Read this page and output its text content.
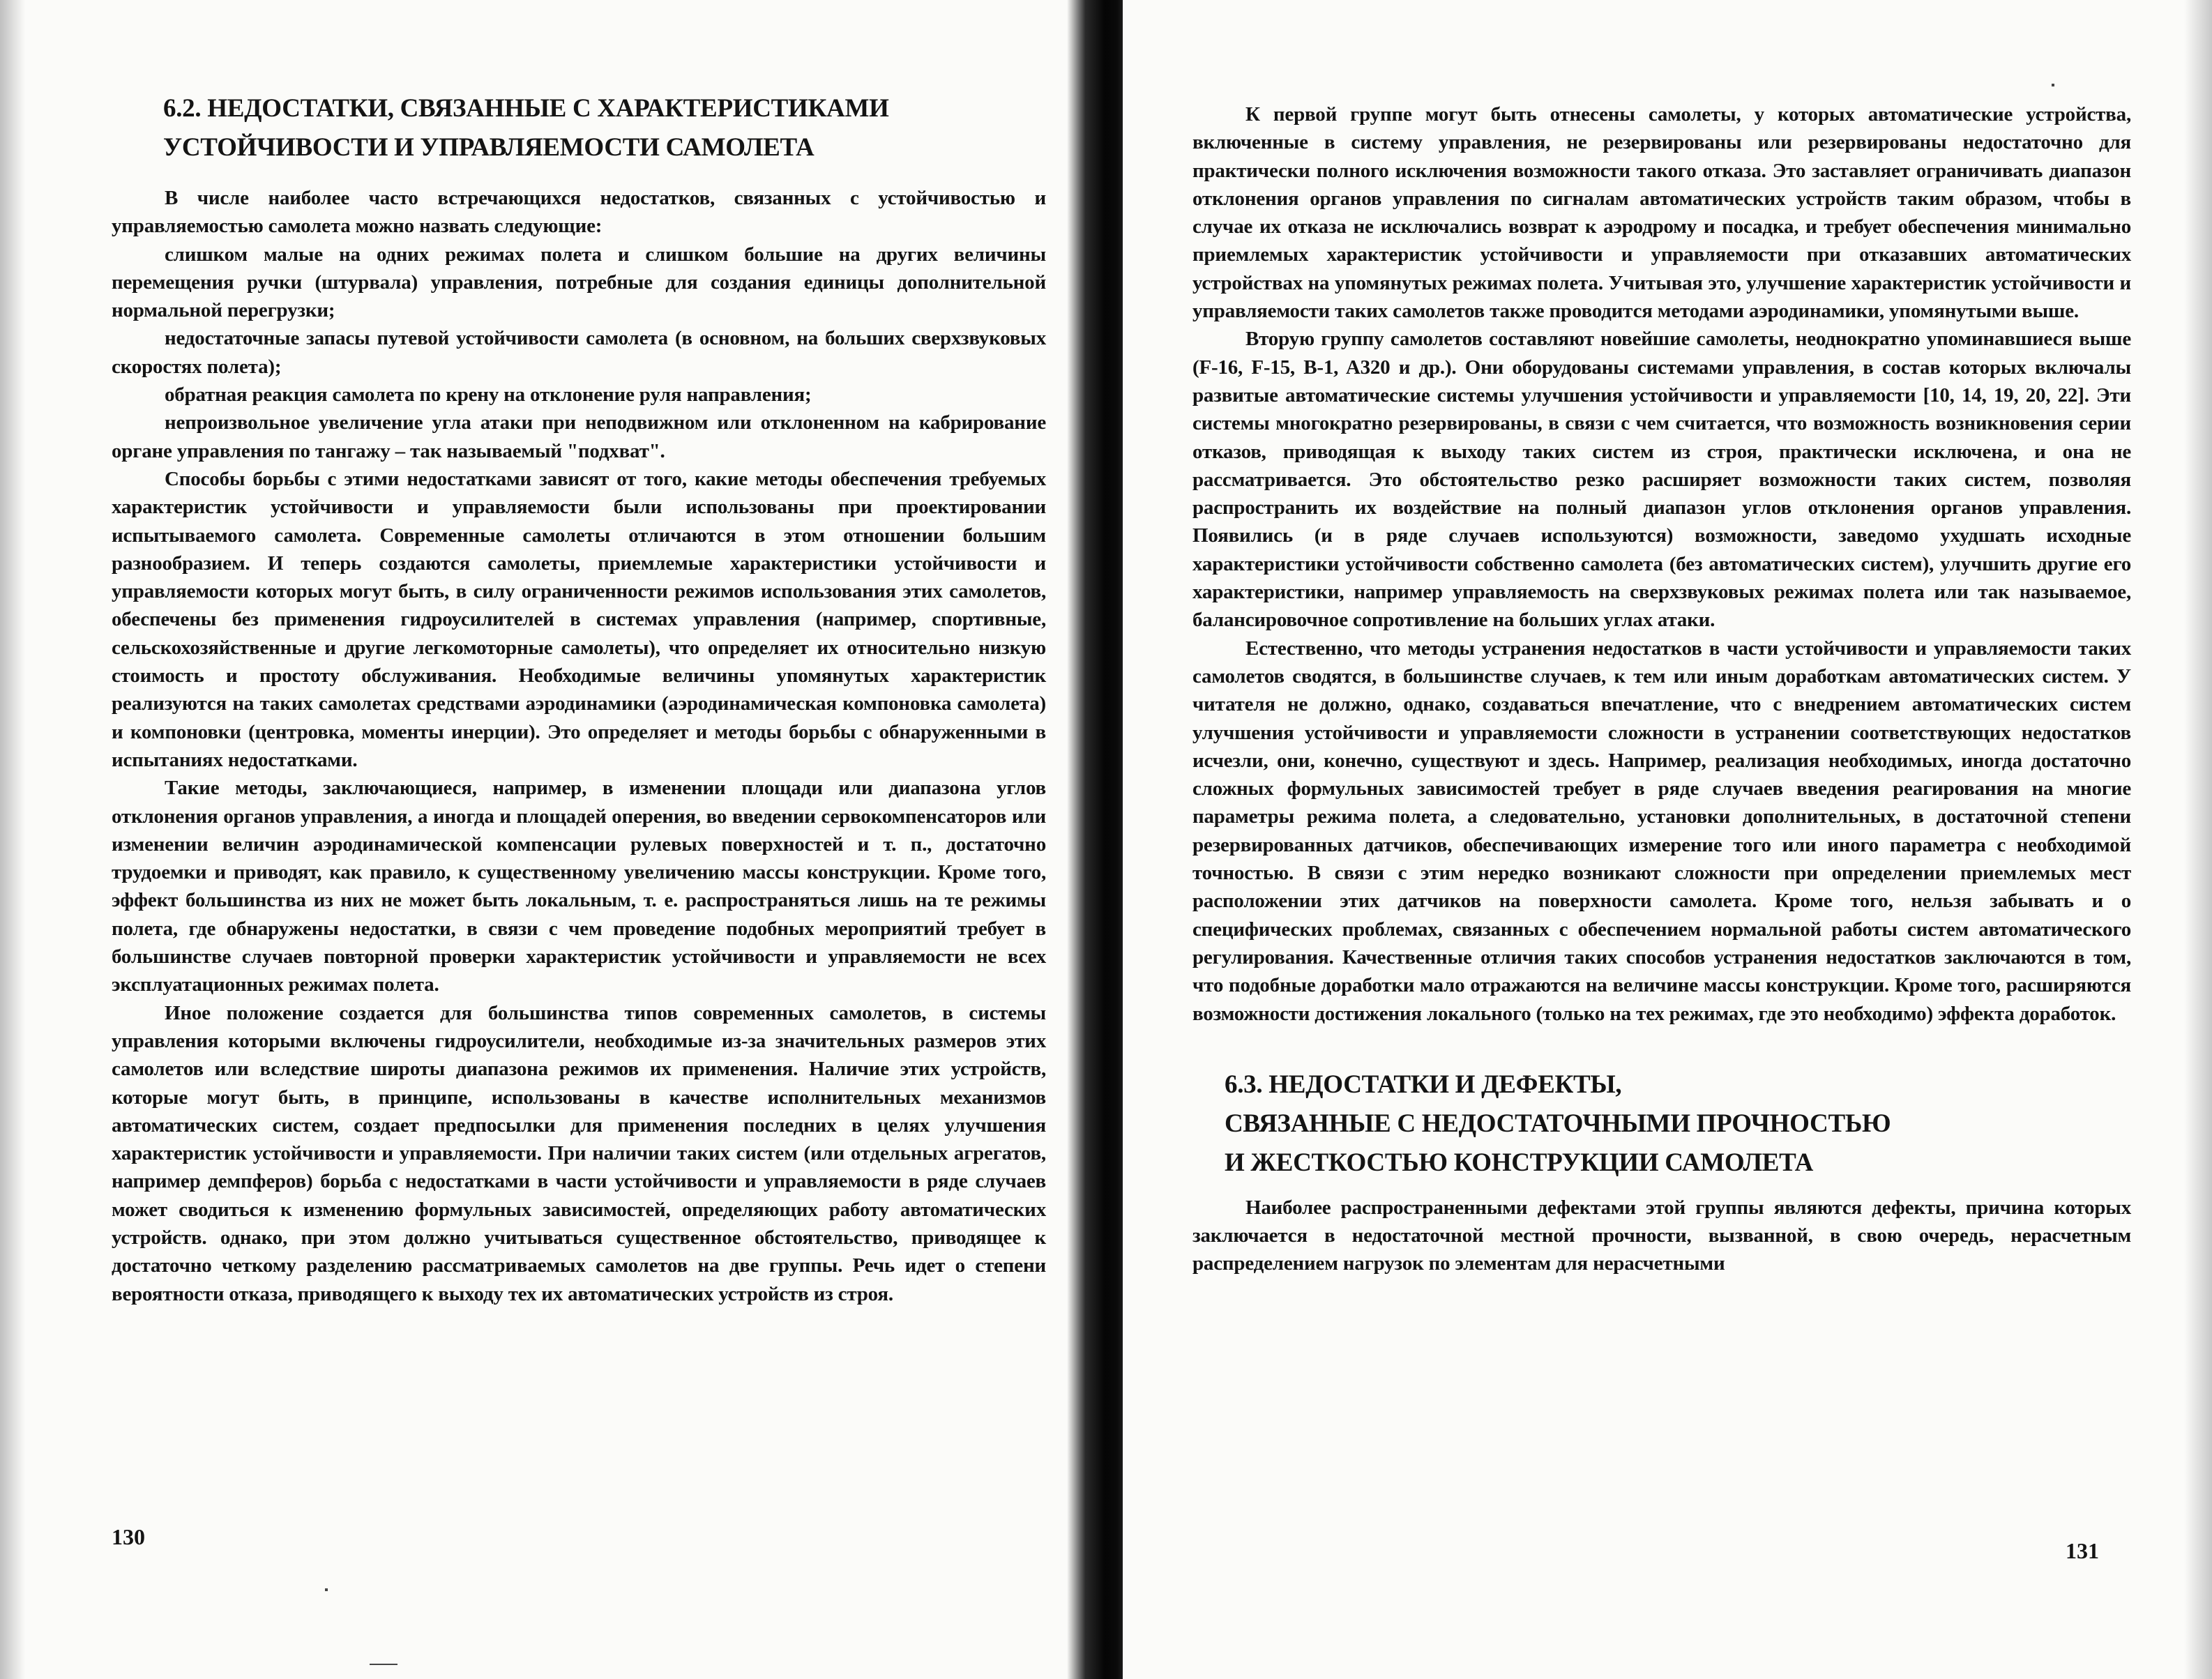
6.2. НЕДОСТАТКИ, СВЯЗАННЫЕ С ХАРАКТЕРИСТИКАМИ
УСТОЙЧИВОСТИ И УПРАВЛЯЕМОСТИ САМОЛЕТА

В числе наиболее часто встречающихся недостатков, связанных с устойчивостью и управляемостью самолета можно назвать следующие:

слишком малые на одних режимах полета и слишком большие на других величины перемещения ручки (штурвала) управления, потребные для создания единицы дополнительной нормальной перегрузки;

недостаточные запасы путевой устойчивости самолета (в основном, на больших сверхзвуковых скоростях полета);

обратная реакция самолета по крену на отклонение руля направления;

непроизвольное увеличение угла атаки при неподвижном или отклоненном на кабрирование органе управления по тангажу – так называемый "подхват".

Способы борьбы с этими недостатками зависят от того, какие методы обеспечения требуемых характеристик устойчивости и управляемости были использованы при проектировании испытываемого самолета. Современные самолеты отличаются в этом отношении большим разнообразием. И теперь создаются самолеты, приемлемые характеристики устойчивости и управляемости которых могут быть, в силу ограниченности режимов использования этих самолетов, обеспечены без применения гидроусилителей в системах управления (например, спортивные, сельскохозяйственные и другие легкомоторные самолеты), что определяет их относительно низкую стоимость и простоту обслуживания. Необходимые величины упомянутых характеристик реализуются на таких самолетах средствами аэродинамики (аэродинамическая компоновка самолета) и компоновки (центровка, моменты инерции). Это определяет и методы борьбы с обнаруженными в испытаниях недостатками.

Такие методы, заключающиеся, например, в изменении площади или диапазона углов отклонения органов управления, а иногда и площадей оперения, во введении сервокомпенсаторов или изменении величин аэродинамической компенсации рулевых поверхностей и т. п., достаточно трудоемки и приводят, как правило, к существенному увеличению массы конструкции. Кроме того, эффект большинства из них не может быть локальным, т. е. распространяться лишь на те режимы полета, где обнаружены недостатки, в связи с чем проведение подобных мероприятий требует в большинстве случаев повторной проверки характеристик устойчивости и управляемости не всех эксплуатационных режимах полета.

Иное положение создается для большинства типов современных самолетов, в системы управления которыми включены гидроусилители, необходимые из-за значительных размеров этих самолетов или вследствие широты диапазона режимов их применения. Наличие этих устройств, которые могут быть, в принципе, использованы в качестве исполнительных механизмов автоматических систем, создает предпосылки для применения последних в целях улучшения характеристик устойчивости и управляемости. При наличии таких систем (или отдельных агрегатов, например демпферов) борьба с недостатками в части устойчивости и управляемости в ряде случаев может сводиться к изменению формульных зависимостей, определяющих работу автоматических устройств. однако, при этом должно учитываться существенное обстоятельство, приводящее к достаточно четкому разделению рассматриваемых самолетов на две группы. Речь идет о степени вероятности отказа, приводящего к выходу тех их автоматических устройств из строя.

130

К первой группе могут быть отнесены самолеты, у которых автоматические устройства, включенные в систему управления, не резервированы или резервированы недостаточно для практически полного исключения возможности такого отказа. Это заставляет ограничивать диапазон отклонения органов управления по сигналам автоматических устройств таким образом, чтобы в случае их отказа не исключались возврат к аэродрому и посадка, и требует обеспечения минимально приемлемых характеристик устойчивости и управляемости при отказавших автоматических устройствах на упомянутых режимах полета. Учитывая это, улучшение характеристик устойчивости и управляемости таких самолетов также проводится методами аэродинамики, упомянутыми выше.

Вторую группу самолетов составляют новейшие самолеты, неоднократно упоминавшиеся выше (F-16, F-15, B-1, A320 и др.). Они оборудованы системами управления, в состав которых включалы развитые автоматические системы улучшения устойчивости и управляемости [10, 14, 19, 20, 22]. Эти системы многократно резервированы, в связи с чем считается, что возможность возникновения серии отказов, приводящая к выходу таких систем из строя, практически исключена, и она не рассматривается. Это обстоятельство резко расширяет возможности таких систем, позволяя распространить их воздействие на полный диапазон углов отклонения органов управления. Появились (и в ряде случаев используются) возможности, заведомо ухудшать исходные характеристики устойчивости собственно самолета (без автоматических систем), улучшить другие его характеристики, например управляемость на сверхзвуковых режимах полета или так называемое, балансировочное сопротивление на больших углах атаки.

Естественно, что методы устранения недостатков в части устойчивости и управляемости таких самолетов сводятся, в большинстве случаев, к тем или иным доработкам автоматических систем. У читателя не должно, однако, создаваться впечатление, что с внедрением автоматических систем улучшения устойчивости и управляемости сложности в устранении соответствующих недостатков исчезли, они, конечно, существуют и здесь. Например, реализация необходимых, иногда достаточно сложных формульных зависимостей требует в ряде случаев введения реагирования на многие параметры режима полета, а следовательно, установки дополнительных, в достаточной степени резервированных датчиков, обеспечивающих измерение того или иного параметра с необходимой точностью. В связи с этим нередко возникают сложности при определении приемлемых мест расположении этих датчиков на поверхности самолета. Кроме того, нельзя забывать и о специфических проблемах, связанных с обеспечением нормальной работы систем автоматического регулирования. Качественные отличия таких способов устранения недостатков заключаются в том, что подобные доработки мало отражаются на величине массы конструкции. Кроме того, расширяются возможности достижения локального (только на тех режимах, где это необходимо) эффекта доработок.

6.3. НЕДОСТАТКИ И ДЕФЕКТЫ,
СВЯЗАННЫЕ С НЕДОСТАТОЧНЫМИ ПРОЧНОСТЬЮ
И ЖЕСТКОСТЬЮ КОНСТРУКЦИИ САМОЛЕТА

Наиболее распространенными дефектами этой группы являются дефекты, причина которых заключается в недостаточной местной прочности, вызванной, в свою очередь, нерасчетным распределением нагрузок по элементам для нерасчетными

131
